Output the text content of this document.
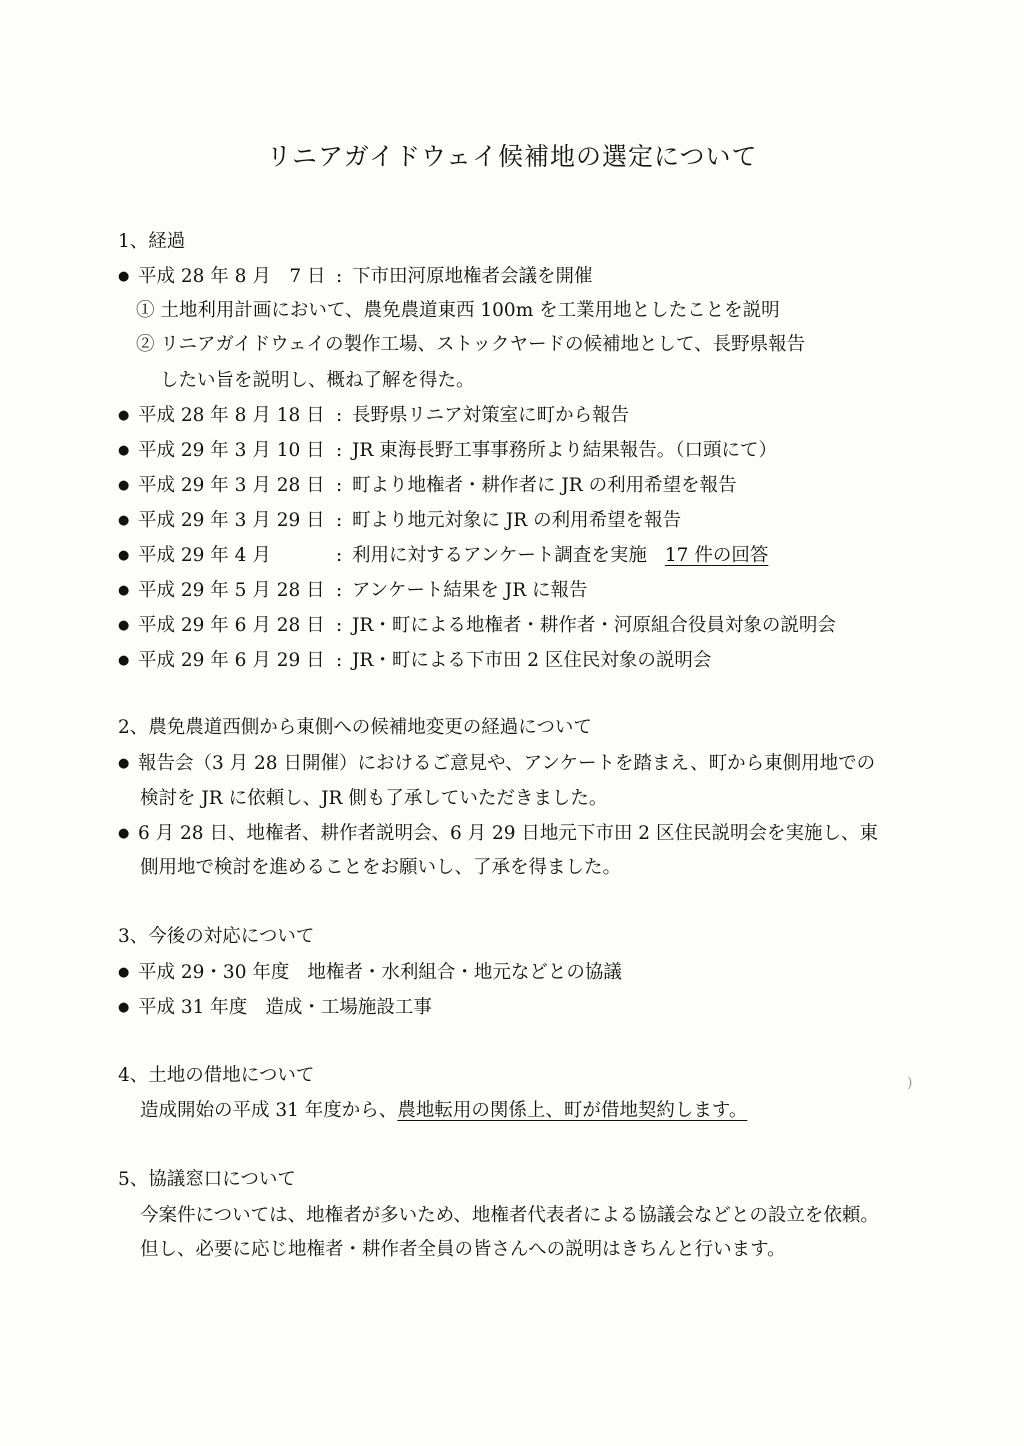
リニアガイドウェイ候補地の選定について
1、経過
● 平成 28 年 8 月　7 日 : 下市田河原地権者会議を開催
① 土地利用計画において、農免農道東西 100m を工業用地としたことを説明
② リニアガイドウェイの製作工場、ストックヤードの候補地として、長野県報告
したい旨を説明し、概ね了解を得た。
● 平成 28 年 8 月 18 日 : 長野県リニア対策室に町から報告
● 平成 29 年 3 月 10 日 : JR 東海長野工事事務所より結果報告。（口頭にて）
● 平成 29 年 3 月 28 日 : 町より地権者・耕作者に JR の利用希望を報告
● 平成 29 年 3 月 29 日 : 町より地元対象に JR の利用希望を報告
● 平成 29 年 4 月	: 利用に対するアンケート調査を実施 17 件の回答
● 平成 29 年 5 月 28 日 : アンケート結果を JR に報告
● 平成 29 年 6 月 28 日 : JR・町による地権者・耕作者・河原組合役員対象の説明会
● 平成 29 年 6 月 29 日 : JR・町による下市田 2 区住民対象の説明会
2、農免農道西側から東側への候補地変更の経過について
● 報告会（3 月 28 日開催）におけるご意見や、アンケートを踏まえ、町から東側用地での
検討を JR に依頼し、JR 側も了承していただきました。
● 6 月 28 日、地権者、耕作者説明会、6 月 29 日地元下市田 2 区住民説明会を実施し、東
側用地で検討を進めることをお願いし、了承を得ました。
3、今後の対応について
● 平成 29・30 年度 地権者・水利組合・地元などとの協議
● 平成 31 年度 造成・工場施設工事
4、土地の借地について
造成開始の平成 31 年度から、農地転用の関係上、町が借地契約します。
5、協議窓口について
今案件については、地権者が多いため、地権者代表者による協議会などとの設立を依頼。
但し、必要に応じ地権者・耕作者全員の皆さんへの説明はきちんと行います。
)
